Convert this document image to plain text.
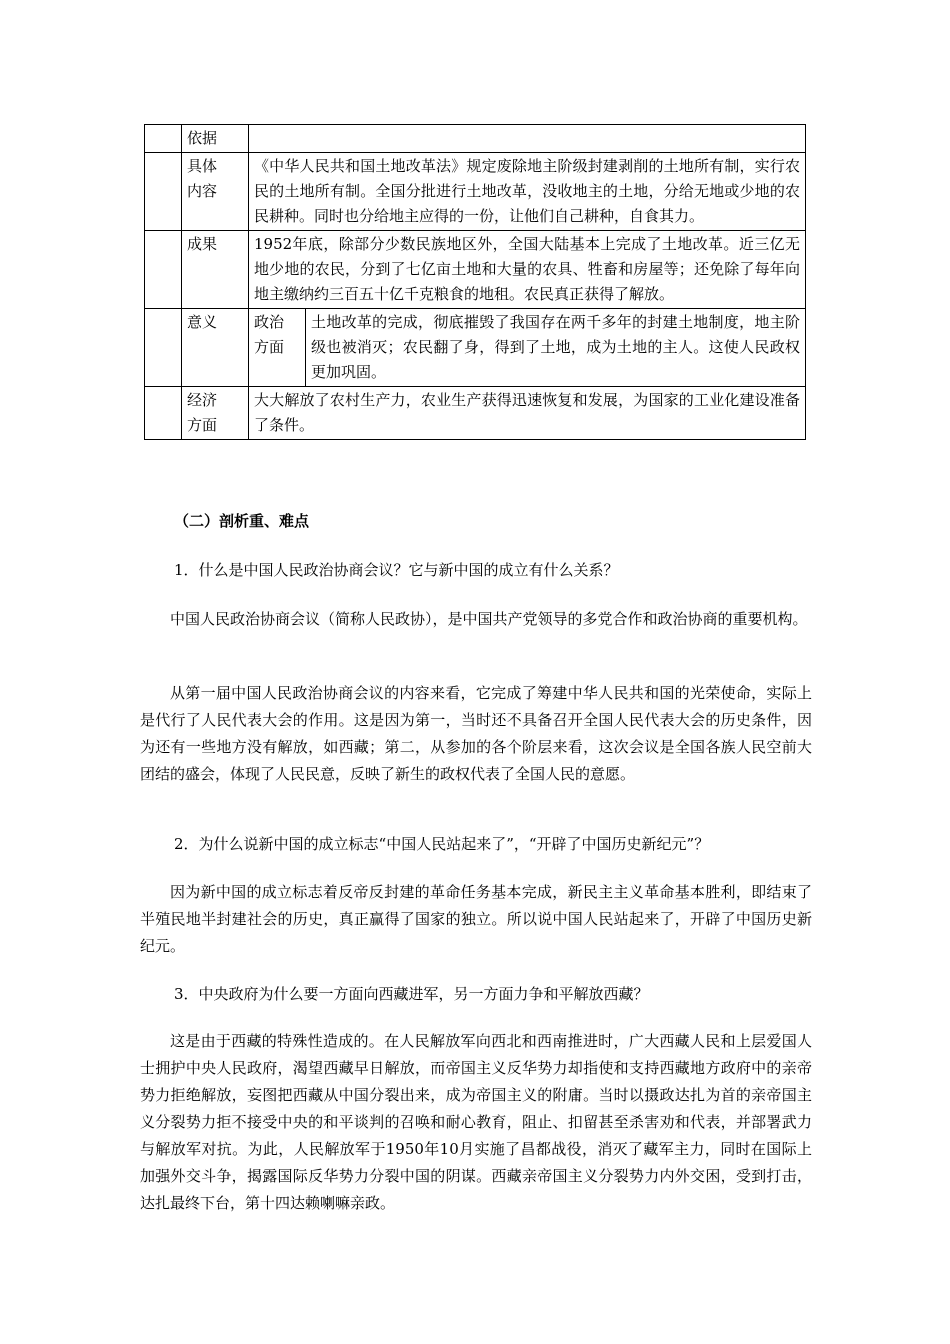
	依据		

	具体
内容	《中华人民共和国土地改革法》规定废除地主阶级封建剥削的土地所有制，实行农民的土地所有制。全国分批进行土地改革，没收地主的土地，分给无地或少地的农民耕种。同时也分给地主应得的一份，让他们自己耕种，自食其力。	
	成果	1952年底，除部分少数民族地区外，全国大陆基本上完成了土地改革。近三亿无地少地的农民，分到了七亿亩土地和大量的农具、牲畜和房屋等；还免除了每年向地主缴纳约三百五十亿千克粮食的地租。农民真正获得了解放。	
	意义	政治
方面	土地改革的完成，彻底摧毁了我国存在两千多年的封建土地制度，地主阶级也被消灭；农民翻了身，得到了土地，成为土地的主人。这使人民政权更加巩固。

	经济
方面	大大解放了农村生产力，农业生产获得迅速恢复和发展，为国家的工业化建设准备了条件。	
（二）剖析重、难点
1．什么是中国人民政治协商会议？它与新中国的成立有什么关系？

中国人民政治协商会议（简称人民政协），是中国共产党领导的多党合作和政治协商的重要机构。

从第一届中国人民政治协商会议的内容来看，它完成了筹建中华人民共和国的光荣使命，实际上是代行了人民代表大会的作用。这是因为第一，当时还不具备召开全国人民代表大会的历史条件，因为还有一些地方没有解放，如西藏；第二，从参加的各个阶层来看，这次会议是全国各族人民空前大团结的盛会，体现了人民民意，反映了新生的政权代表了全国人民的意愿。

2．为什么说新中国的成立标志“中国人民站起来了”，“开辟了中国历史新纪元”？

因为新中国的成立标志着反帝反封建的革命任务基本完成，新民主主义革命基本胜利，即结束了半殖民地半封建社会的历史，真正赢得了国家的独立。所以说中国人民站起来了，开辟了中国历史新纪元。

3．中央政府为什么要一方面向西藏进军，另一方面力争和平解放西藏？

这是由于西藏的特殊性造成的。在人民解放军向西北和西南推进时，广大西藏人民和上层爱国人士拥护中央人民政府，渴望西藏早日解放，而帝国主义反华势力却指使和支持西藏地方政府中的亲帝势力拒绝解放，妄图把西藏从中国分裂出来，成为帝国主义的附庸。当时以摄政达扎为首的亲帝国主义分裂势力拒不接受中央的和平谈判的召唤和耐心教育，阻止、扣留甚至杀害劝和代表，并部署武力与解放军对抗。为此，人民解放军于1950年10月实施了昌都战役，消灭了藏军主力，同时在国际上加强外交斗争，揭露国际反华势力分裂中国的阴谋。西藏亲帝国主义分裂势力内外交困，受到打击，达扎最终下台，第十四达赖喇嘛亲政。
